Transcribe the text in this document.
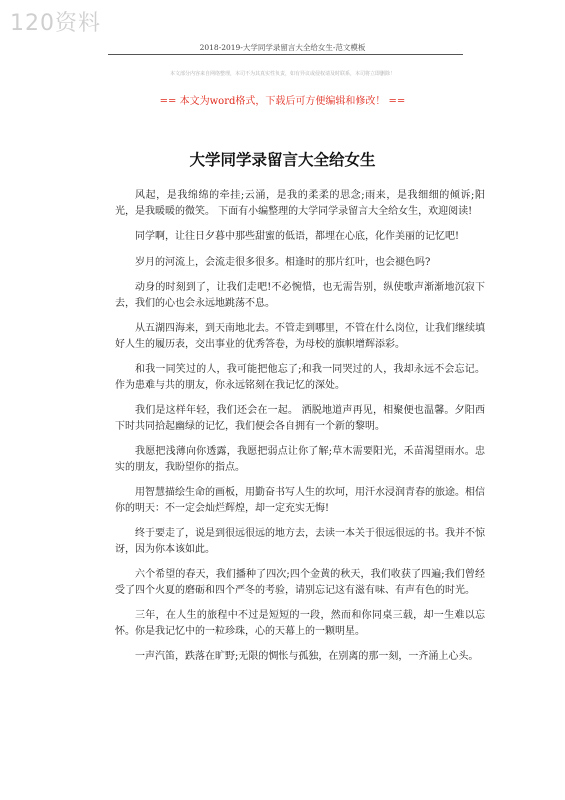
120资料
2018-2019-大学同学录留言大全给女生-范文模板
本文部分内容来自网络整理，本司不为其真实性负责，如有异议或侵权请及时联系，本司将立即删除！
== 本文为word格式，下载后可方便编辑和修改！ ==
大学同学录留言大全给女生

风起，是我绵绵的牵挂;云涌，是我的柔柔的思念;雨来，是我细细的倾诉;阳光，是我暖暖的微笑。 下面有小编整理的大学同学录留言大全给女生，欢迎阅读!

同学啊，让往日夕暮中那些甜蜜的低语，都埋在心底，化作美丽的记忆吧!

岁月的河流上，会流走很多很多。相逢时的那片红叶，也会褪色吗?

动身的时刻到了，让我们走吧!不必惋惜，也无需告别，纵使歌声渐渐地沉寂下去，我们的心也会永远地跳荡不息。

从五湖四海来，到天南地北去。不管走到哪里，不管在什么岗位，让我们继续填好人生的履历表，交出事业的优秀答卷，为母校的旗帜增辉添彩。

和我一同笑过的人，我可能把他忘了;和我一同哭过的人，我却永远不会忘记。作为患难与共的朋友，你永远铭刻在我记忆的深处。

我们是这样年轻，我们还会在一起。 洒脱地道声再见，相聚便也温馨。夕阳西下时共同拾起幽绿的记忆，我们便会各自拥有一个新的黎明。

我愿把浅薄向你透露，我愿把弱点让你了解;草木需要阳光，禾苗渴望雨水。忠实的朋友，我盼望你的指点。

用智慧描绘生命的画板，用勤奋书写人生的坎坷，用汗水浸润青春的旅途。相信你的明天：不一定会灿烂辉煌，却一定充实无悔!

终于要走了，说是到很远很远的地方去，去读一本关于很远很远的书。我并不惊讶，因为你本该如此。

六个希望的春天，我们播种了四次;四个金黄的秋天，我们收获了四遍;我们曾经受了四个火夏的磨砺和四个严冬的考验，请别忘记这有滋有味、有声有色的时光。

三年，在人生的旅程中不过是短短的一段，然而和你同桌三载，却一生难以忘怀。你是我记忆中的一粒珍珠，心的天幕上的一颗明星。

一声汽笛，跌落在旷野;无限的惆怅与孤独，在别离的那一刻，一齐涌上心头。
